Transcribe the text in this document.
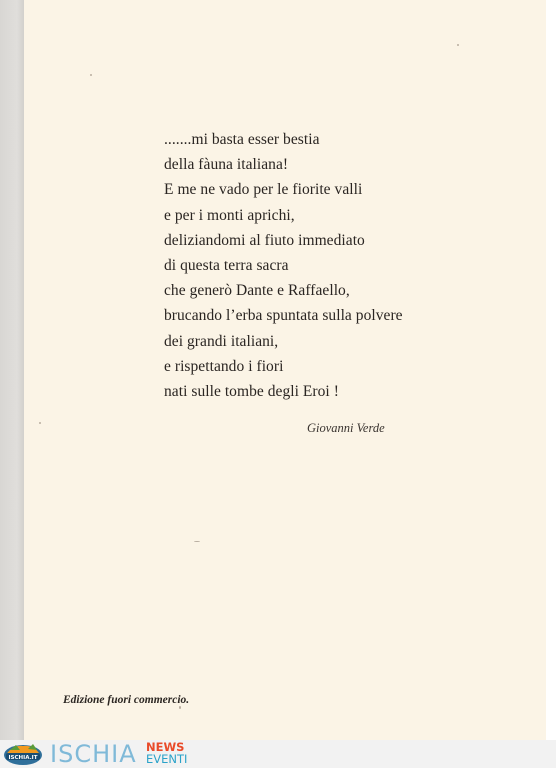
.......mi basta esser bestia
della fàuna italiana!
E me ne vado per le fiorite valli
e per i monti aprichi,
deliziandomi al fiuto immediato
di questa terra sacra
che generò Dante e Raffaello,
brucando l’erba spuntata sulla polvere
dei grandi italiani,
e rispettando i fiori
nati sulle tombe degli Eroi !
Giovanni Verde
Edizione fuori commercio.
ISCHIA.IT ISCHIA NEWS
EVENTI
